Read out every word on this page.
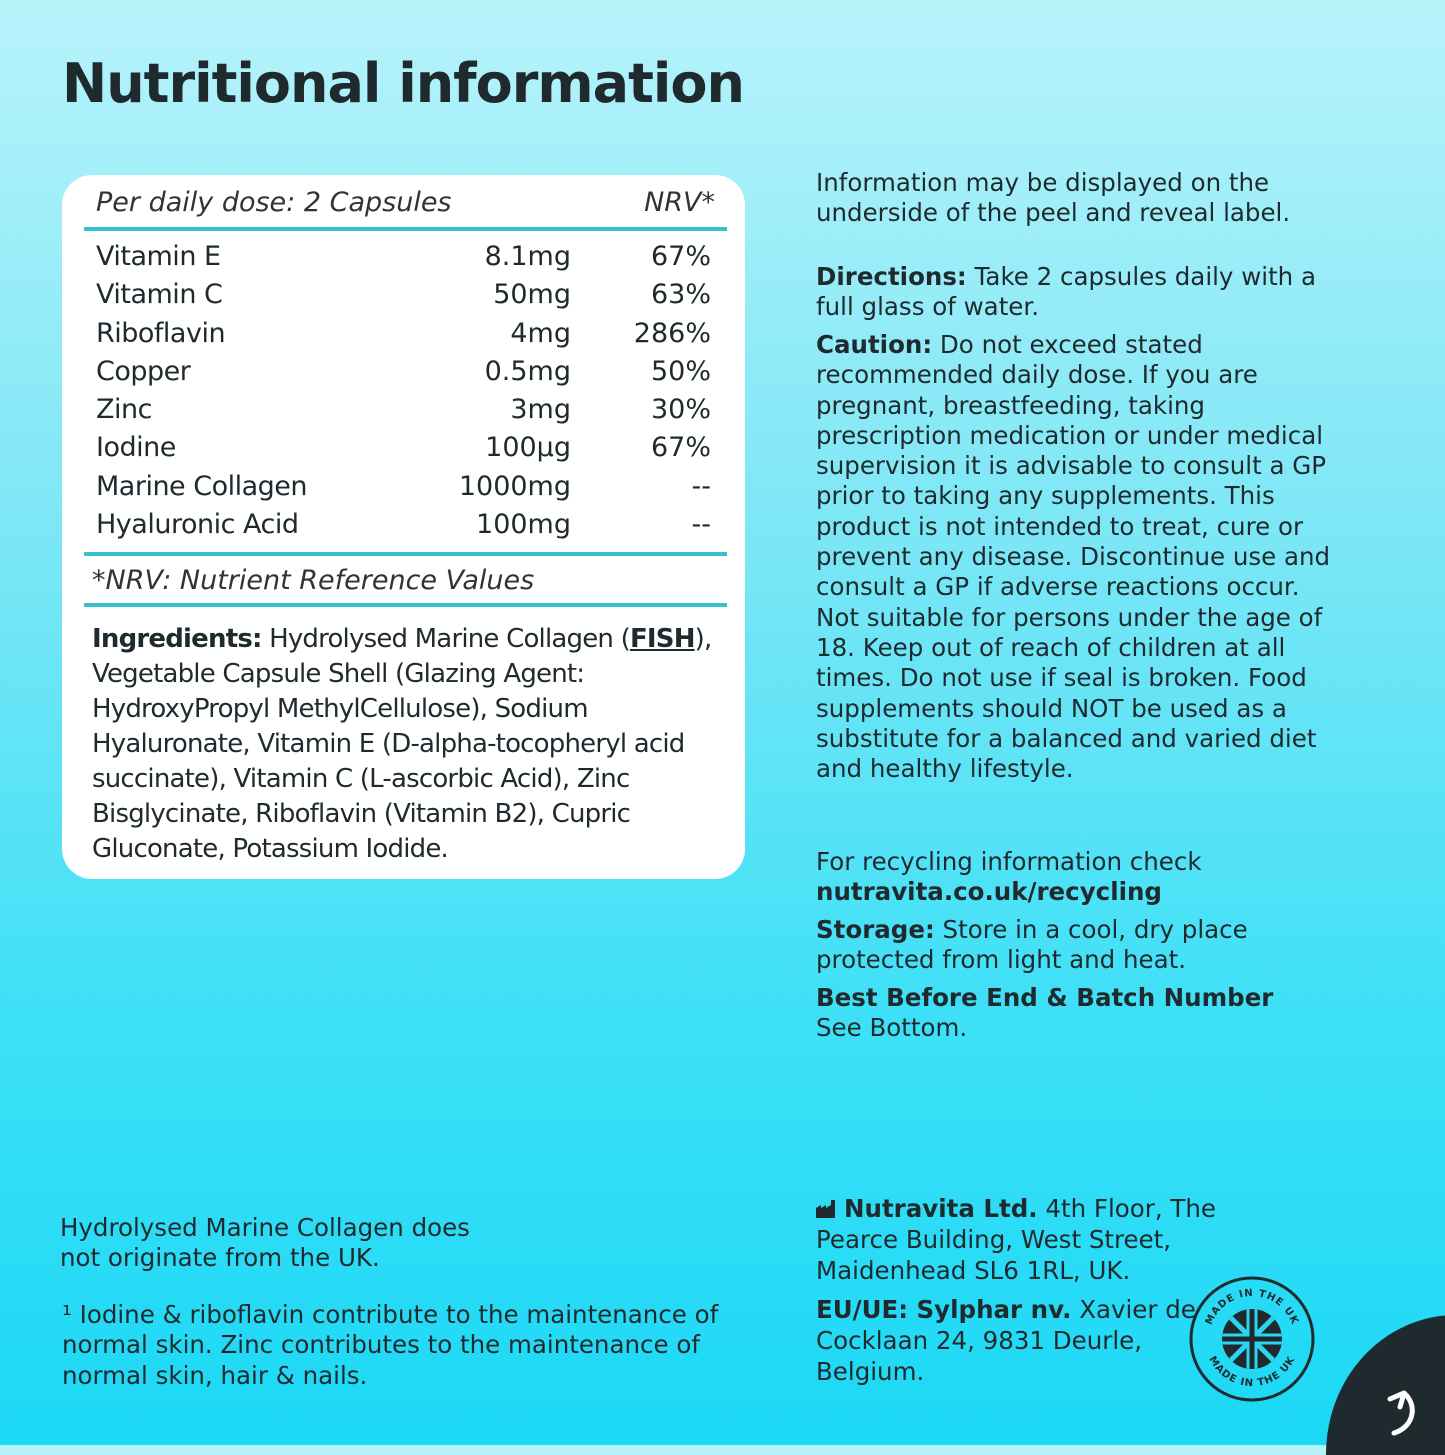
Nutritional information
Per daily dose: 2 Capsules	NRV*
Vitamin E	8.1mg	67%
Vitamin C	50mg	63%
Riboflavin	4mg 286%
Copper	0.5mg	50%
Zinc	3mg	30%
Iodine	100µg	67%
Marine Collagen	1000mg	--
Hyaluronic Acid	100mg	--
*NRV: Nutrient Reference Values
Ingredients: Hydrolysed Marine Collagen (FISH), Vegetable Capsule Shell (Glazing Agent: HydroxyPropyl MethylCellulose), Sodium Hyaluronate, Vitamin E (D-alpha-tocopheryl acid succinate), Vitamin C (L-ascorbic Acid), Zinc Bisglycinate, Riboflavin (Vitamin B2), Cupric Gluconate, Potassium Iodide.

Information may be displayed on the underside of the peel and reveal label.

Directions: Take 2 capsules daily with a full glass of water.

Caution: Do not exceed stated recommended daily dose. If you are pregnant, breastfeeding, taking prescription medication or under medical supervision it is advisable to consult a GP prior to taking any supplements. This product is not intended to treat, cure or prevent any disease. Discontinue use and consult a GP if adverse reactions occur. Not suitable for persons under the age of 18. Keep out of reach of children at all times. Do not use if seal is broken. Food supplements should NOT be used as a substitute for a balanced and varied diet and healthy lifestyle.

For recycling information check

nutravita.co.uk/recycling

Storage: Store in a cool, dry place protected from light and heat.

Best Before End & Batch Number

See Bottom.

Hydrolysed Marine Collagen does not originate from the UK.

¹ Iodine & riboflavin contribute to the maintenance of normal skin. Zinc contributes to the maintenance of normal skin, hair & nails.

Nutravita Ltd. 4th Floor, The Pearce Building, West Street, Maidenhead SL6 1RL, UK.

EU/UE: Sylphar nv. Xavier de Cocklaan 24, 9831 Deurle, Belgium.

MADE IN THE UK
MADE IN THE UK
